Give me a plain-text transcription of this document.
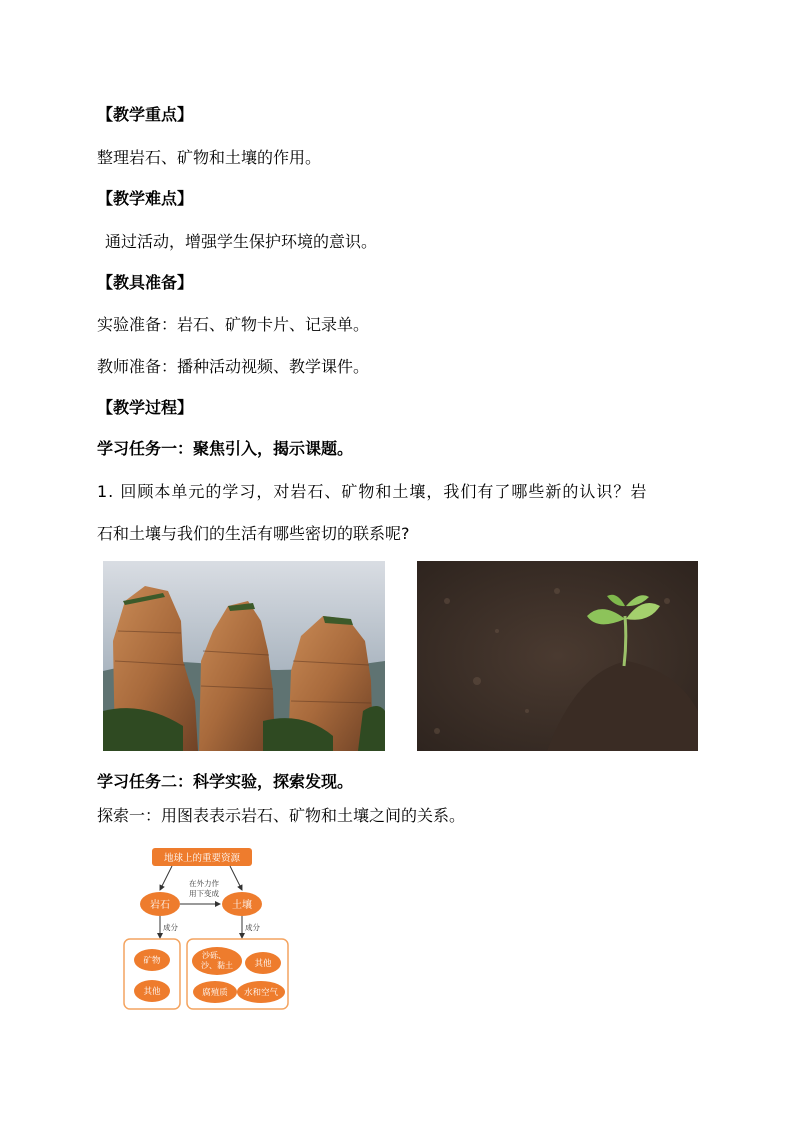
【教学重点】
整理岩石、矿物和土壤的作用。
【教学难点】
通过活动，增强学生保护环境的意识。
【教具准备】
实验准备：岩石、矿物卡片、记录单。
教师准备：播种活动视频、教学课件。
【教学过程】
学习任务一：聚焦引入，揭示课题。
1. 回顾本单元的学习，对岩石、矿物和土壤，我们有了哪些新的认识？岩
石和土壤与我们的生活有哪些密切的联系呢?
学习任务二：科学实验，探索发现。
探索一：用图表表示岩石、矿物和土壤之间的关系。
地球上的重要资源
岩石	土壤
在外力作
用下变成
成分	成分
矿物
其他
沙砾、
沙、黏土	其他
腐殖质 水和空气
